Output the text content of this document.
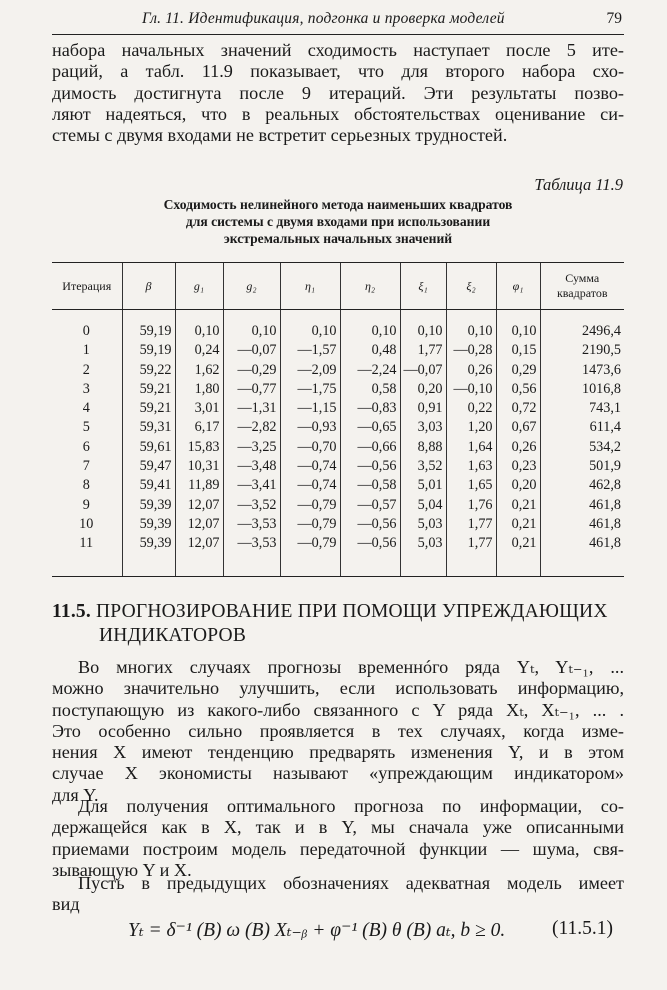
Гл. 11. Идентификация, подгонка и проверка моделей	79

набора начальных значений сходимость наступает после 5 ите-
раций, а табл. 11.9 показывает, что для второго набора схо-
димость достигнута после 9 итераций. Эти результаты позво-
ляют надеяться, что в реальных обстоятельствах оценивание си-
стемы с двумя входами не встретит серьезных трудностей.

Таблица 11.9
Сходимость нелинейного метода наименьших квадратов
для системы с двумя входами при использовании
экстремальных начальных значений
Итерация	β	g₁	g₂	η₁	η₂	ξ₁	ξ₂	φ₁	Сумма квадратов
0	59,19	0,10	0,10	0,10	0,10	0,10	0,10	0,10	2496,4
1	59,19	0,24	—0,07	—1,57	0,48	1,77	—0,28	0,15	2190,5
2	59,22	1,62	—0,29	—2,09	—2,24	—0,07	0,26	0,29	1473,6
3	59,21	1,80	—0,77	—1,75	0,58	0,20	—0,10	0,56	1016,8
4	59,21	3,01	—1,31	—1,15	—0,83	0,91	0,22	0,72	743,1
5	59,31	6,17	—2,82	—0,93	—0,65	3,03	1,20	0,67	611,4
6	59,61	15,83	—3,25	—0,70	—0,66	8,88	1,64	0,26	534,2
7	59,47	10,31	—3,48	—0,74	—0,56	3,52	1,63	0,23	501,9
8	59,41	11,89	—3,41	—0,74	—0,58	5,01	1,65	0,20	462,8
9	59,39	12,07	—3,52	—0,79	—0,57	5,04	1,76	0,21	461,8
10	59,39	12,07	—3,53	—0,79	—0,56	5,03	1,77	0,21	461,8
11	59,39	12,07	—3,53	—0,79	—0,56	5,03	1,77	0,21	461,8
11.5. ПРОГНОЗИРОВАНИЕ ПРИ ПОМОЩИ УПРЕЖДАЮЩИХ
ИНДИКАТОРОВ

Во многих случаях прогнозы временнóго ряда Yₜ, Yₜ₋₁, ...
можно значительно улучшить, если использовать информацию,
поступающую из какого-либо связанного с Y ряда Xₜ, Xₜ₋₁, ... .
Это особенно сильно проявляется в тех случаях, когда изме-
нения X имеют тенденцию предварять изменения Y, и в этом
случае X экономисты называют «упреждающим индикатором»
для Y.

Для получения оптимального прогноза по информации, со-
держащейся как в X, так и в Y, мы сначала уже описанными
приемами построим модель передаточной функции — шума, свя-
зывающую Y и X.

Пусть в предыдущих обозначениях адекватная модель имеет
вид

Yₜ = δ⁻¹ (B) ω (B) Xₜ₋ᵦ + φ⁻¹ (B) θ (B) aₜ, b ≥ 0. (11.5.1)
